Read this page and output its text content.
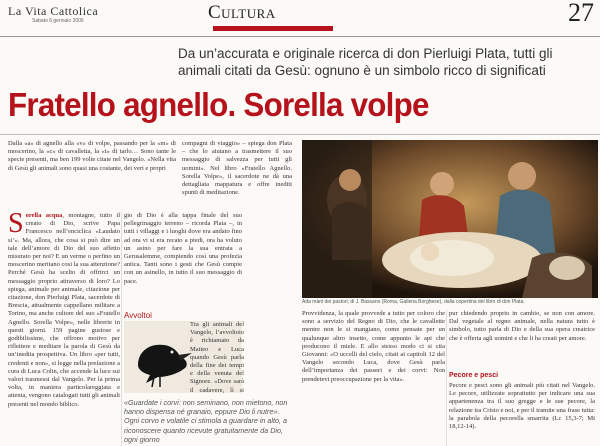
La Vita Cattolica
Sabato 6 gennaio 2006	Cultura	27
Da un’accurata e originale ricerca di don Pierluigi Plata, tutti gli animali citati da Gesù: ognuno è un simbolo ricco di significati
Fratello agnello. Sorella volpe
Dalla «a» di agnello alla «v» di volpe, passando per la «m» di moscerino, la «c» di cavalletta, la «t» di tarlo… Sono tante le specie presenti, ma ben 199 volte citate nel Vangelo. «Nella vita di Gesù gli animali sono quasi una costante, dei veri e propri
compagni di viaggio» – spiega don Plata – che lo aiutano a trasmettere il suo messaggio di salvezza per tutti gli uomini». Nel libro «Fratello Agnello. Sorella Volpe», il sacerdote ne dà una dettagliata mappatura e offre inediti spunti di meditazione.
Sorella acqua, montagne, tutto il creato di Dio, scrive Papa Francesco nell’enciclica «Laudato si’». Ma, allora, che cosa si può dire un tale dell’amore di Dio del suo affetto misurato per noi? E un verme o perfino un moscerino meritano cosi la sua attenzione? Perché Gesù ha scelto di offrirci un messaggio proprio attraverso di loro? Lo spiega, animale per animale, citazione per citazione, don Pierluigi Plata, sacerdote di Brescia, attualmente cappellano militare a Torino, ma anche cultore del suo «Fratello Agnello. Sorella Volpe», nelle librerie in questi giorni. 159 pagine gustose e godibilissime, che offrono motivo per riflettere e meditare la parola di Gesù da un’inedita prospettiva. Un libro «per tutti, credenti e non», si legge nella prefazione a cura di Luca Colin, che accende la luce sui valori trasmessi dal Vangelo. Per la prima volta, in maniera particolareggiata e attenta, vengono catalogati tutti gli animali presenti nel mondo biblico.
gio di Dio è alla tappa finale del suo pellegrinaggio terreno – ricorda Plata –, in tutti i villaggi e i luoghi dove era andato fino ad ora vi si era recato a piedi, ora ha voluto un asino per fare la sua entrata a Gerusalemme, compiendo così una profezia antica. Tanti sono i gesti che Gesù compie con un asinello, in tutto il suo messaggio di pace.
Avvoltoi
Tra gli animali del Vangelo, l’avvoltoio è richiamato da Matteo e Luca quando Gesù parla della fine dei tempi e della venuta del Signore. «Dove sarà il cadavere, lì si
«Guardate i corvi: non seminano, non mietono, non hanno dispensa né granaio, eppure Dio li nutre». Ogni corvo e volatile ci stimola a guardare in alto, a riconoscere quanto ricevute gratuitamente da Dio, ogni giorno
Ada màni dei pastori, di J. Bassano (Roma, Galleria Borghese), dalla copertina del libro di don Plata.
Provvidenza, la quale provvede a tutto per coloro che sono a servizio del Regno di Dio, che le cavallette mentre non le si mangiano, come pensate per un qualunque altro insetto, come appunto le api che producono il miele. E allo stesso modo ci si cita Giovanni: «O uccelli del cielo, citati ai capitoli 12 del Vangelo secondo Luca, dove Gesù parla dell’importanza dei passeri e dei corvi: Non prendetevi preoccupazione per la vita».
pur chiedendo proprio in cambio, se non con amore. Dal vegetale al regno animale, nella natura tutto è simbolo, tutto parla di Dio e della sua opera creatrice che è offerta agli uomini e che li ha creati per amore.
Pecore e pesci
Pecore e pesci sono gli animali più citati nel Vangelo. Le pecore, utilizzate soprattutto per indicare una sua appartenenza tra il suo gregge e le sue pecore, la relazione tra Cristo e noi, e per il tramite una frase tutta: la parabola della pecorella smarrita (Lc 15,3-7; Mt 18,12-14).
